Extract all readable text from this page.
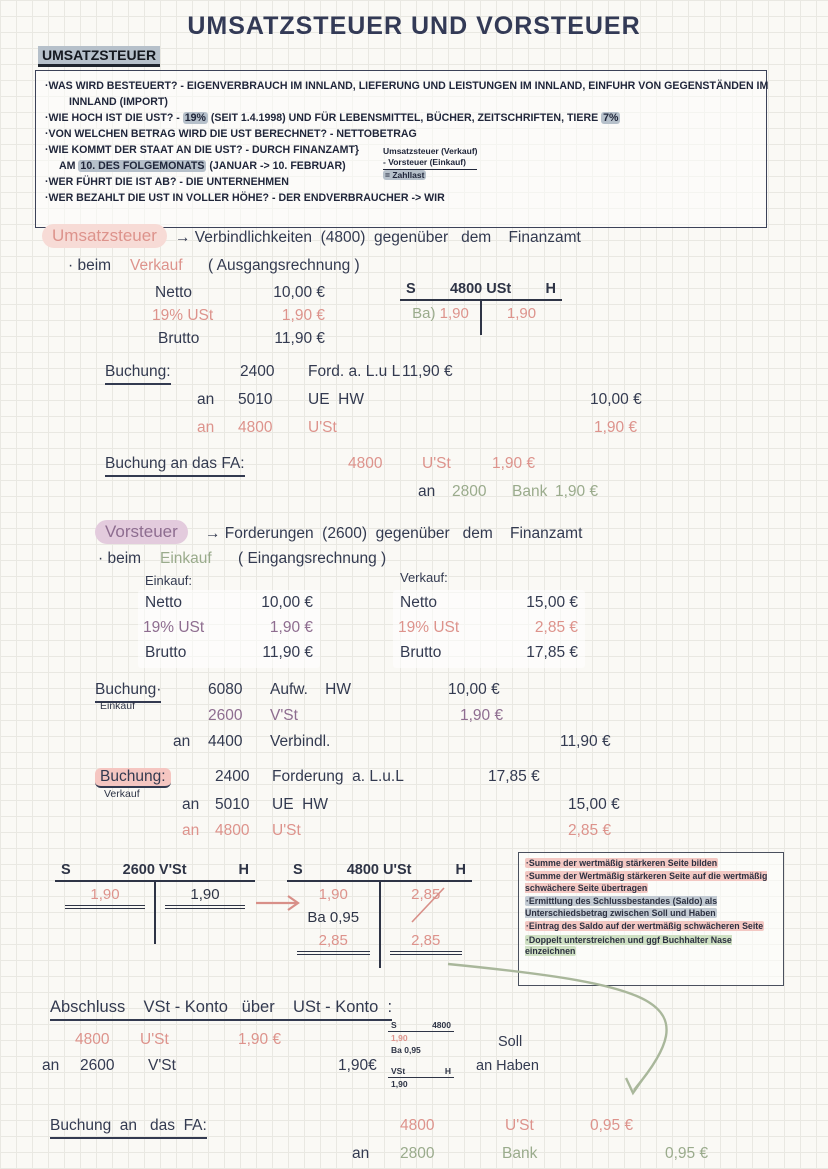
UMSATZSTEUER UND VORSTEUER
UMSATZSTEUER
·WAS WIRD BESTEUERT? - EIGENVERBRAUCH IM INNLAND, LIEFERUNG UND LEISTUNGEN IM INNLAND, EINFUHR VON GEGENSTÄNDEN IM
INNLAND (IMPORT)
·WIE HOCH IST DIE UST? - 19% (SEIT 1.4.1998) UND FÜR LEBENSMITTEL, BÜCHER, ZEITSCHRIFTEN, TIERE 7%
·VON WELCHEN BETRAG WIRD DIE UST BERECHNET? - NETTOBETRAG
·WIE KOMMT DER STAAT AN DIE UST? - DURCH FINANZAMT}
AM 10. DES FOLGEMONATS (JANUAR -> 10. FEBRUAR)
·WER FÜHRT DIE IST AB? - DIE UNTERNEHMEN
·WER BEZAHLT DIE UST IN VOLLER HÖHE? - DER ENDVERBRAUCHER -> WIR
Umsatzsteuer (Verkauf)
- Vorsteuer (Einkauf)
= Zahllast
Umsatzsteuer	→ Verbindlichkeiten  (4800)  gegenüber   dem    Finanzamt
· beim Verkauf ( Ausgangsrechnung )
Netto	10,00 €
19% USt	1,90 €
Brutto	11,90 €
S 4800 USt H
Ba) 1,90	1,90
Buchung:	2400 Ford. a. L.u L 11,90 €
an 5010 UE  HW	10,00 €
an 4800 U'St	1,90 €
Buchung an das FA:	4800	U'St	1,90 €
an 2800 Bank 1,90 €
Vorsteuer	→ Forderungen  (2600)  gegenüber   dem    Finanzamt
· beim Einkauf ( Eingangsrechnung )
Einkauf:	Verkauf:
Netto	10,00 €
19% USt	1,90 €
Brutto	11,90 €
Netto	15,00 €
19% USt	2,85 €
Brutto	17,85 €
Buchung·
Einkauf
6080 Aufw.    HW	10,00 €
2600 V'St	1,90 €
an 4400 Verbindl.	11,90 €
Buchung:
Verkauf
2400 Forderung  a. L.u.L	17,85 €
an 5010 UE  HW	15,00 €
an 4800 U'St	2,85 €
S	2600 V'St	H
1,90	1,90
S	4800 U'St	H
1,90	2,85
Ba 0,95
2,85	2,85
·Summe der wertmäßig stärkeren Seite bilden
·Summe der Wertmäßig stärkeren Seite auf die wertmäßig schwächere Seite übertragen
·Ermittlung des Schlussbestandes (Saldo) als Unterschiedsbetrag zwischen Soll und Haben
·Eintrag des Saldo auf der wertmäßig schwächeren Seite
·Doppelt unterstreichen und ggf Buchhalter Nase einzeichnen
Abschluss    VSt - Konto   über    USt - Konto  :
4800 U'St	1,90 €
an 2600 V'St	1,90€
S	4800
1,90
Ba 0,95
VSt	H
1,90
Soll
an Haben
Buchung  an   das  FA:	4800	U'St	0,95 €
an 2800	Bank	0,95 €
